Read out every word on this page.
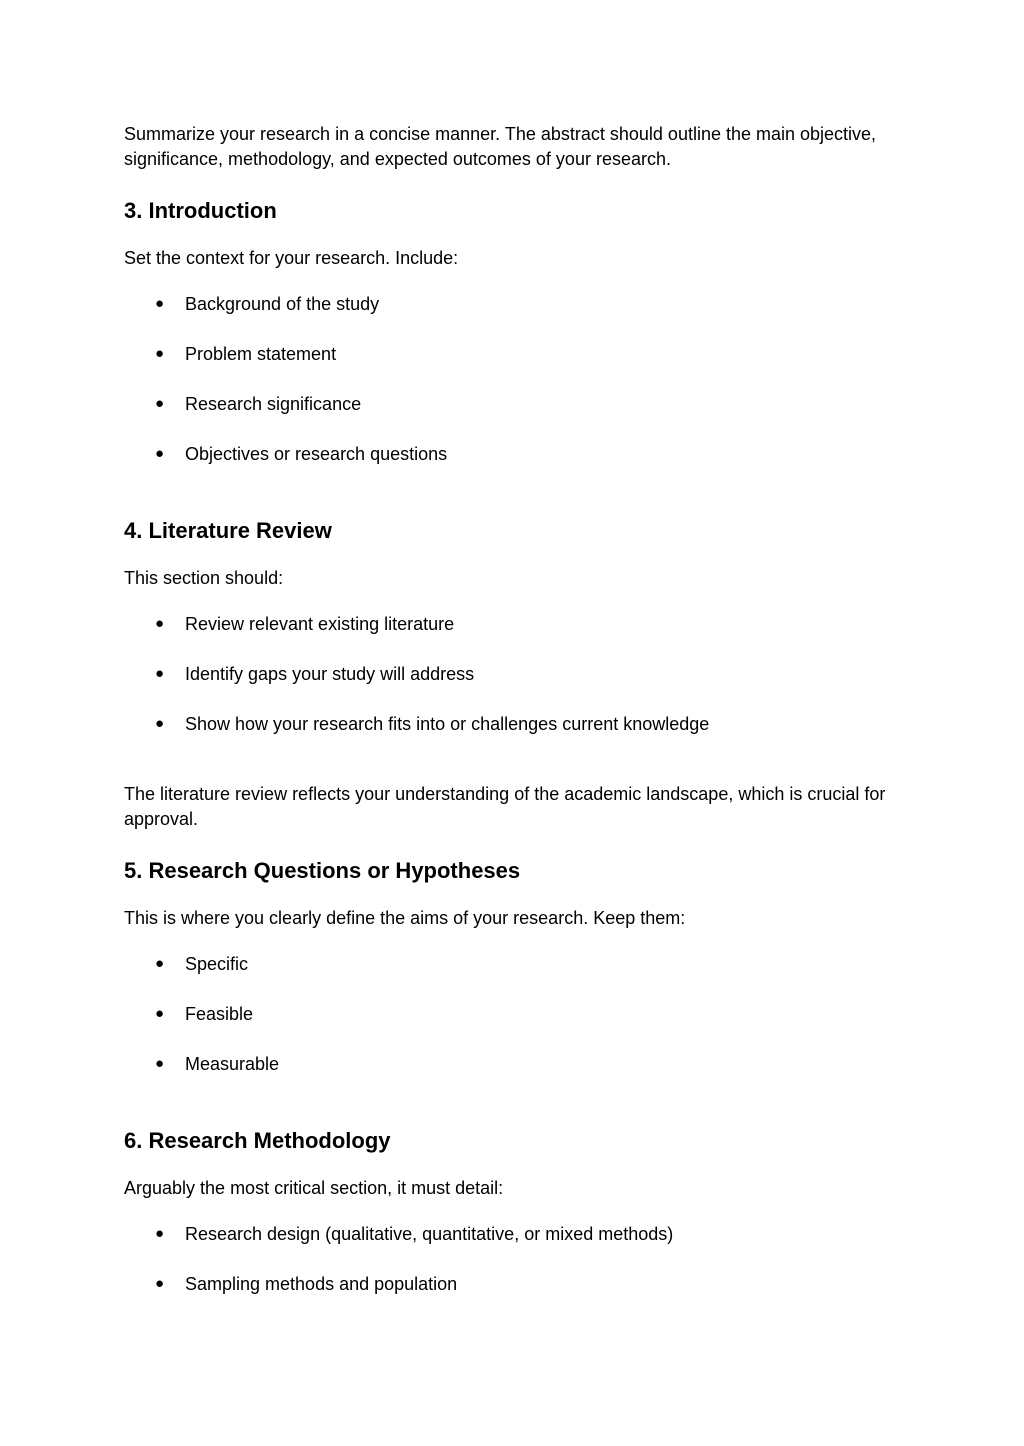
Summarize your research in a concise manner. The abstract should outline the main objective, significance, methodology, and expected outcomes of your research.

3. Introduction

Set the context for your research. Include:

● Background of the study
● Problem statement
● Research significance
● Objectives or research questions
4. Literature Review

This section should:

● Review relevant existing literature
● Identify gaps your study will address
● Show how your research fits into or challenges current knowledge

The literature review reflects your understanding of the academic landscape, which is crucial for approval.

5. Research Questions or Hypotheses

This is where you clearly define the aims of your research. Keep them:

● Specific
● Feasible
● Measurable
6. Research Methodology

Arguably the most critical section, it must detail:

● Research design (qualitative, quantitative, or mixed methods)
● Sampling methods and population
